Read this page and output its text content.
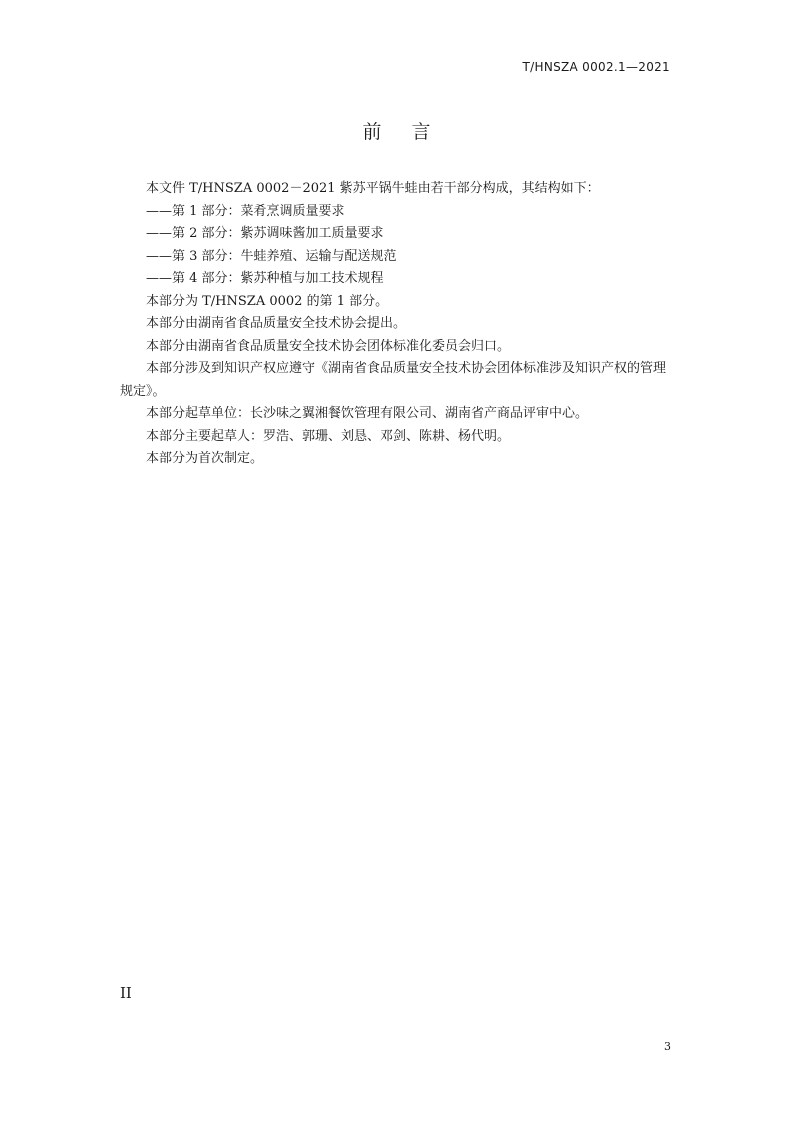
T/HNSZA 0002.1—2021
前言

本文件 T/HNSZA 0002－2021 紫苏平锅牛蛙由若干部分构成，其结构如下：

——第 1 部分：菜肴烹调质量要求

——第 2 部分：紫苏调味酱加工质量要求

——第 3 部分：牛蛙养殖、运输与配送规范

——第 4 部分：紫苏种植与加工技术规程

本部分为 T/HNSZA 0002 的第 1 部分。

本部分由湖南省食品质量安全技术协会提出。

本部分由湖南省食品质量安全技术协会团体标准化委员会归口。

本部分涉及到知识产权应遵守《湖南省食品质量安全技术协会团体标准涉及知识产权的管理规定》。

本部分起草单位：长沙味之翼湘餐饮管理有限公司、湖南省产商品评审中心。

本部分主要起草人：罗浩、郭珊、刘恳、邓剑、陈耕、杨代明。

本部分为首次制定。

II
3
